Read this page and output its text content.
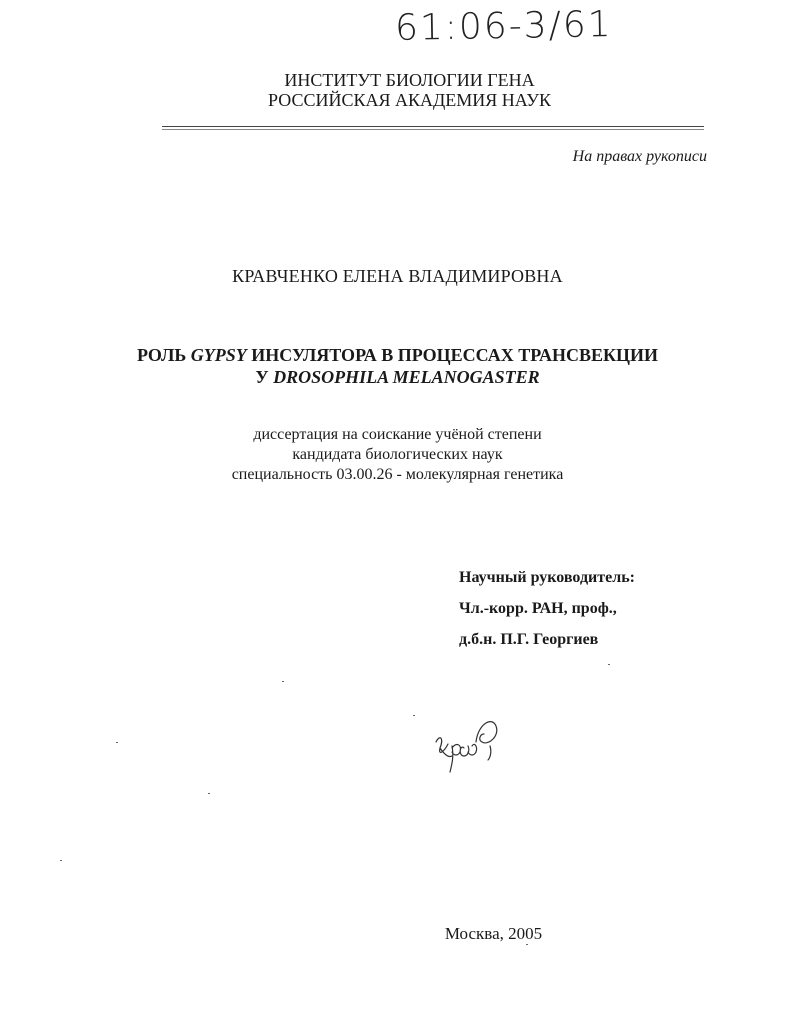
61:06-3/61
ИНСТИТУТ БИОЛОГИИ ГЕНА
РОССИЙСКАЯ АКАДЕМИЯ НАУК
На правах рукописи
КРАВЧЕНКО ЕЛЕНА ВЛАДИМИРОВНА
РОЛЬ GYPSY ИНСУЛЯТОРА В ПРОЦЕССАХ ТРАНСВЕКЦИИ
У DROSOPHILA MELANOGASTER
диссертация на соискание учёной степени
кандидата биологических наук
специальность 03.00.26 - молекулярная генетика
Научный руководитель:
Чл.-корр. РАН, проф.,
д.б.н. П.Г. Георгиев
Москва, 2005
